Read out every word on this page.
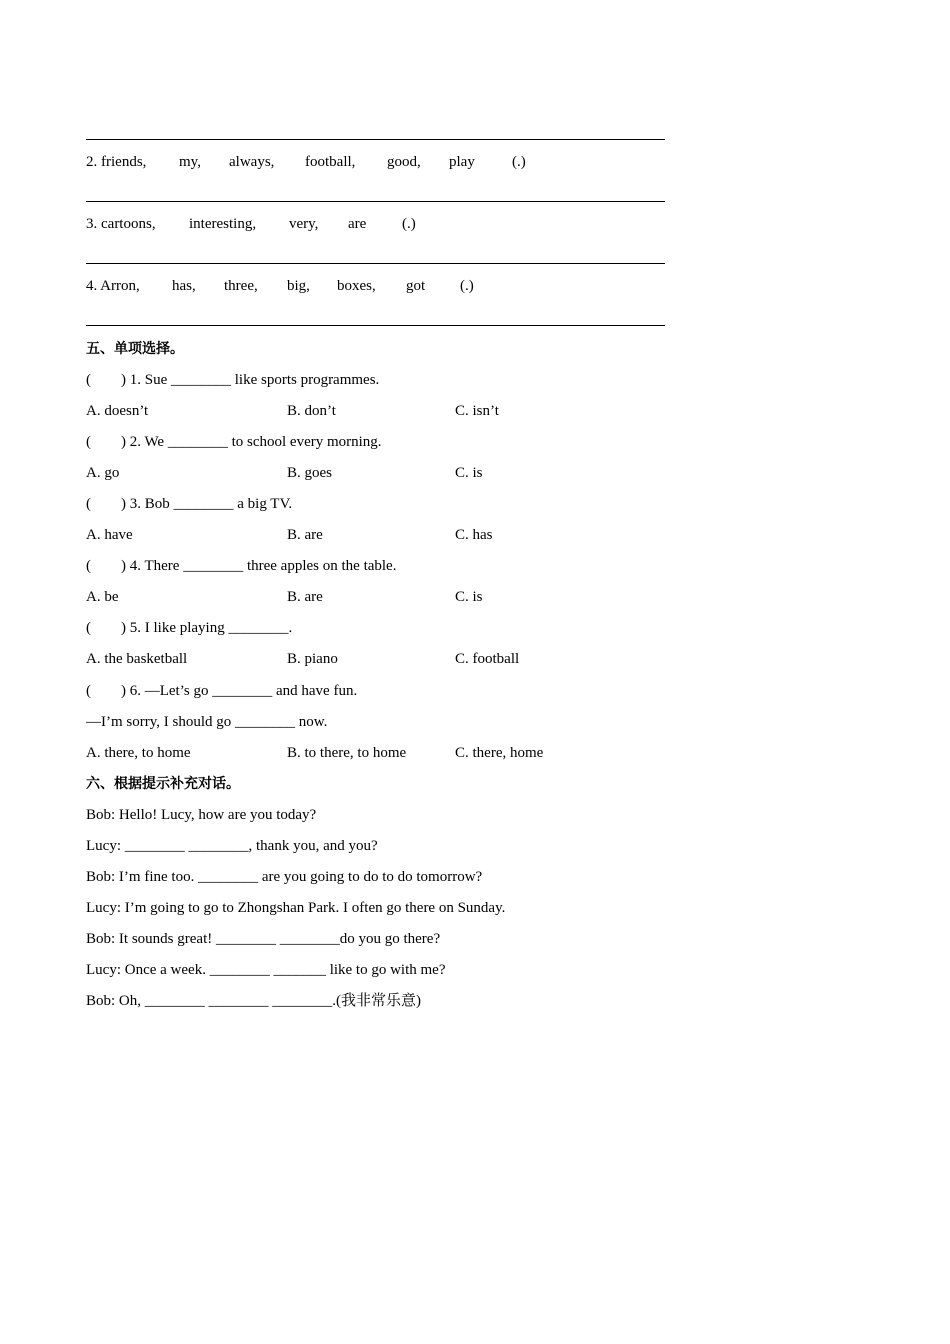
2. friends, my, always, football, good, play (.)
3. cartoons, interesting, very, are (.)
4. Arron, has, three, big, boxes, got (.)
五、单项选择。
(        ) 1. Sue ________ like sports programmes.
A. doesn’t	B. don’t	C. isn’t
(        ) 2. We ________ to school every morning.
A. go	B. goes	C. is
(        ) 3. Bob ________ a big TV.
A. have	B. are	C. has
(        ) 4. There ________ three apples on the table.
A. be	B. are	C. is
(        ) 5. I like playing ________.
A. the basketball	B. piano	C. football
(        ) 6. —Let’s go ________ and have fun.
—I’m sorry, I should go ________ now.
A. there, to home	B. to there, to home	C. there, home
六、根据提示补充对话。
Bob: Hello! Lucy, how are you today?
Lucy: ________ ________, thank you, and you?
Bob: I’m fine too. ________ are you going to do to do tomorrow?
Lucy: I’m going to go to Zhongshan Park. I often go there on Sunday.
Bob: It sounds great! ________ ________do you go there?
Lucy: Once a week. ________ _______ like to go with me?
Bob: Oh, ________ ________ ________.(我非常乐意)
